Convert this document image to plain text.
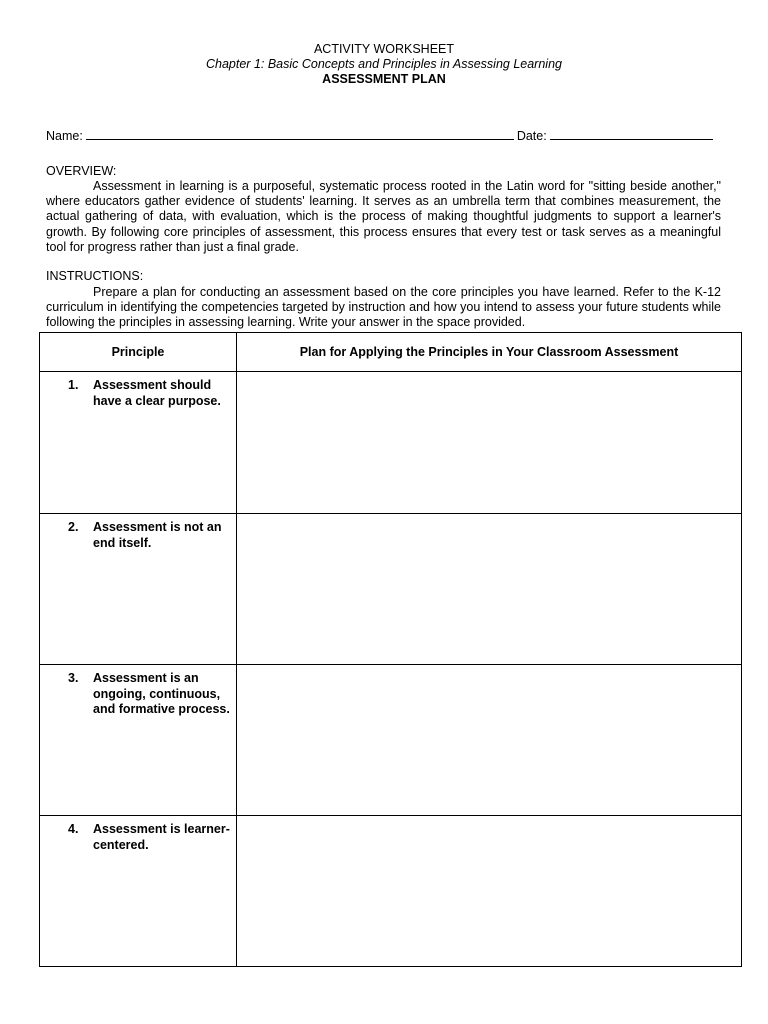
ACTIVITY WORKSHEET
Chapter 1: Basic Concepts and Principles in Assessing Learning
ASSESSMENT PLAN
Name:	Date:
OVERVIEW:
Assessment in learning is a purposeful, systematic process rooted in the Latin word for "sitting beside another," where educators gather evidence of students' learning. It serves as an umbrella term that combines measurement, the actual gathering of data, with evaluation, which is the process of making thoughtful judgments to support a learner's growth. By following core principles of assessment, this process ensures that every test or task serves as a meaningful tool for progress rather than just a final grade.
INSTRUCTIONS:
Prepare a plan for conducting an assessment based on the core principles you have learned. Refer to the K-12 curriculum in identifying the competencies targeted by instruction and how you intend to assess your future students while following the principles in assessing learning. Write your answer in the space provided.
Principle	Plan for Applying the Principles in Your Classroom Assessment

1. Assessment should have a clear purpose.	

2. Assessment is not an end itself.	

3. Assessment is an ongoing, continuous, and formative process.	

4. Assessment is learner-centered.	
